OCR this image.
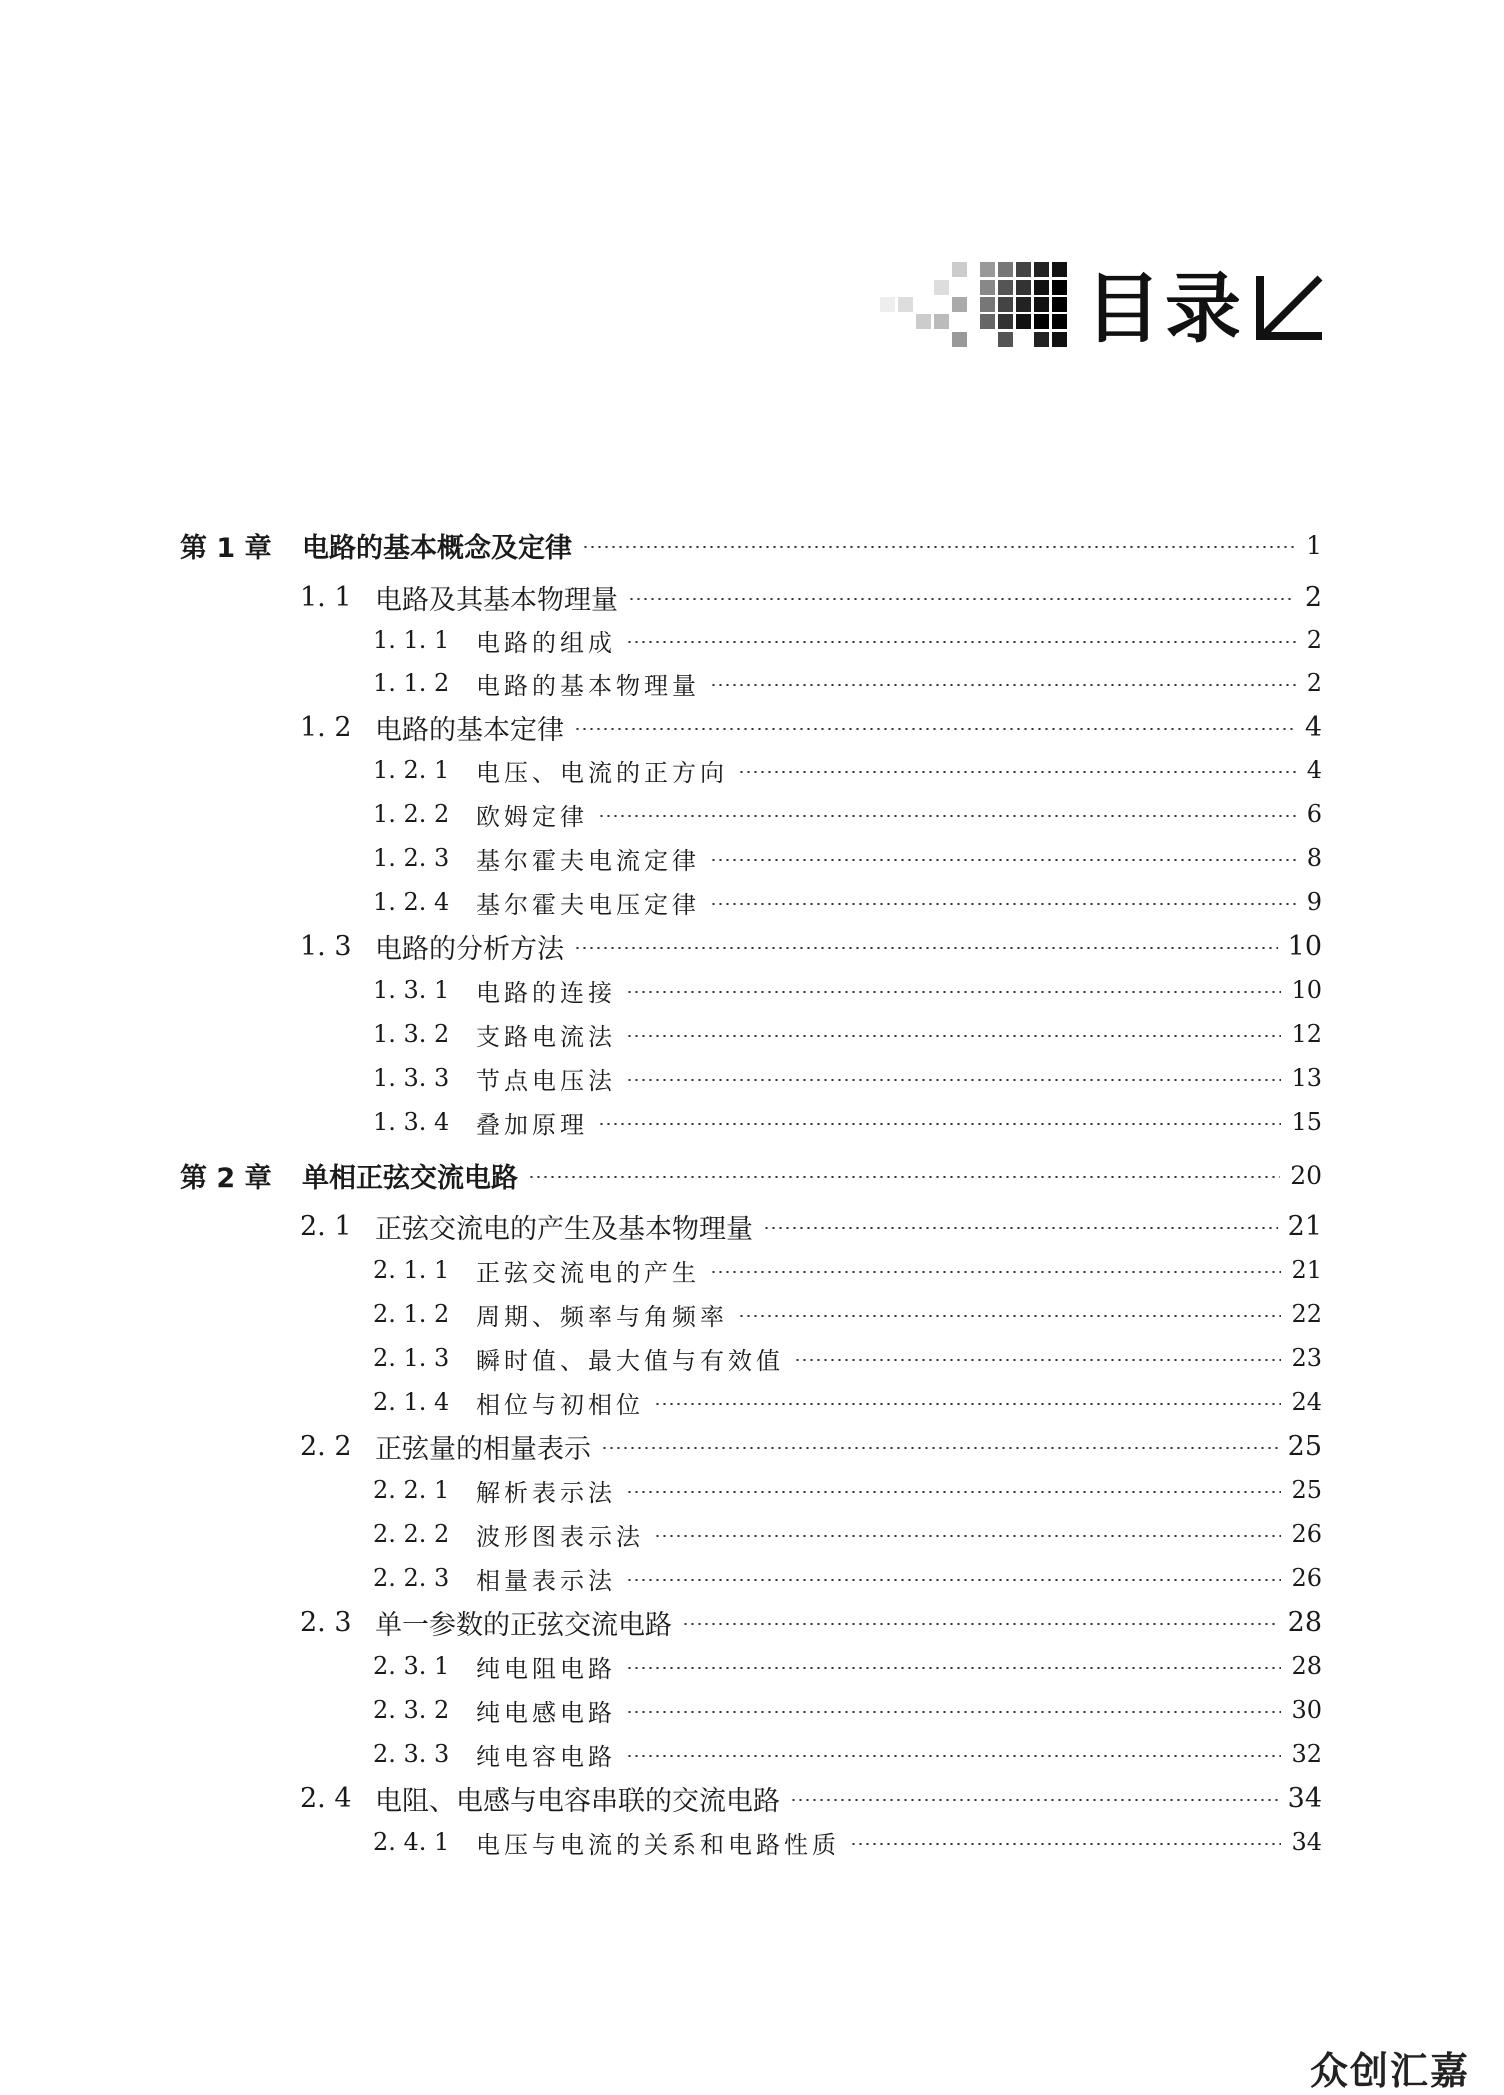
目录
第 1 章	电路的基本概念及定律	1
1. 1 电路及其基本物理量	2
1. 1. 1	电路的组成	2
1. 1. 2	电路的基本物理量	2
1. 2 电路的基本定律	4
1. 2. 1	电压、电流的正方向	4
1. 2. 2	欧姆定律	6
1. 2. 3	基尔霍夫电流定律	8
1. 2. 4	基尔霍夫电压定律	9
1. 3 电路的分析方法	10
1. 3. 1	电路的连接	10
1. 3. 2	支路电流法	12
1. 3. 3	节点电压法	13
1. 3. 4	叠加原理	15
第 2 章	单相正弦交流电路	20
2. 1 正弦交流电的产生及基本物理量	21
2. 1. 1	正弦交流电的产生	21
2. 1. 2	周期、频率与角频率	22
2. 1. 3	瞬时值、最大值与有效值	23
2. 1. 4	相位与初相位	24
2. 2 正弦量的相量表示	25
2. 2. 1	解析表示法	25
2. 2. 2	波形图表示法	26
2. 2. 3	相量表示法	26
2. 3 单一参数的正弦交流电路	28
2. 3. 1	纯电阻电路	28
2. 3. 2	纯电感电路	30
2. 3. 3	纯电容电路	32
2. 4 电阻、电感与电容串联的交流电路	34
2. 4. 1	电压与电流的关系和电路性质	34
众创汇嘉
